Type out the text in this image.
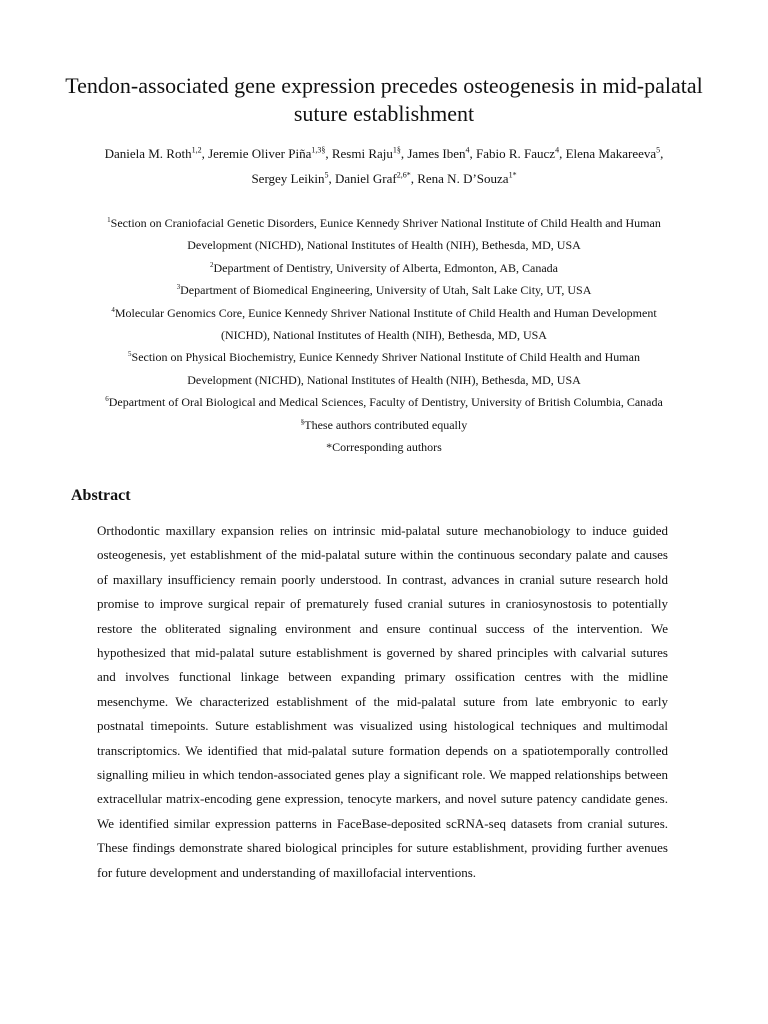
Tendon-associated gene expression precedes osteogenesis in mid-palatal suture establishment
Daniela M. Roth$^{1,2}$, Jeremie Oliver Piña$^{1,3\S}$, Resmi Raju$^{1\S}$, James Iben$^4$, Fabio R. Faucz$^4$, Elena Makareeva$^5$,
Sergey Leikin$^5$, Daniel Graf$^{2,6*}$, Rena N. D’Souza$^{1*}$
$^1$Section on Craniofacial Genetic Disorders, Eunice Kennedy Shriver National Institute of Child Health and Human
Development (NICHD), National Institutes of Health (NIH), Bethesda, MD, USA
$^2$Department of Dentistry, University of Alberta, Edmonton, AB, Canada
$^3$Department of Biomedical Engineering, University of Utah, Salt Lake City, UT, USA
$^4$Molecular Genomics Core, Eunice Kennedy Shriver National Institute of Child Health and Human Development
(NICHD), National Institutes of Health (NIH), Bethesda, MD, USA
$^5$Section on Physical Biochemistry, Eunice Kennedy Shriver National Institute of Child Health and Human
Development (NICHD), National Institutes of Health (NIH), Bethesda, MD, USA
$^6$Department of Oral Biological and Medical Sciences, Faculty of Dentistry, University of British Columbia, Canada
§These authors contributed equally
*Corresponding authors
Abstract

Orthodontic maxillary expansion relies on intrinsic mid-palatal suture mechanobiology to induce guided osteogenesis, yet establishment of the mid-palatal suture within the continuous secondary palate and causes of maxillary insufficiency remain poorly understood. In contrast, advances in cranial suture research hold promise to improve surgical repair of prematurely fused cranial sutures in craniosynostosis to potentially restore the obliterated signaling environment and ensure continual success of the intervention. We hypothesized that mid-palatal suture establishment is governed by shared principles with calvarial sutures and involves functional linkage between expanding primary ossification centres with the midline mesenchyme. We characterized establishment of the mid-palatal suture from late embryonic to early postnatal timepoints. Suture establishment was visualized using histological techniques and multimodal transcriptomics. We identified that mid-palatal suture formation depends on a spatiotemporally controlled signalling milieu in which tendon-associated genes play a significant role. We mapped relationships between extracellular matrix-encoding gene expression, tenocyte markers, and novel suture patency candidate genes. We identified similar expression patterns in FaceBase-deposited scRNA-seq datasets from cranial sutures. These findings demonstrate shared biological principles for suture establishment, providing further avenues for future development and understanding of maxillofacial interventions.
